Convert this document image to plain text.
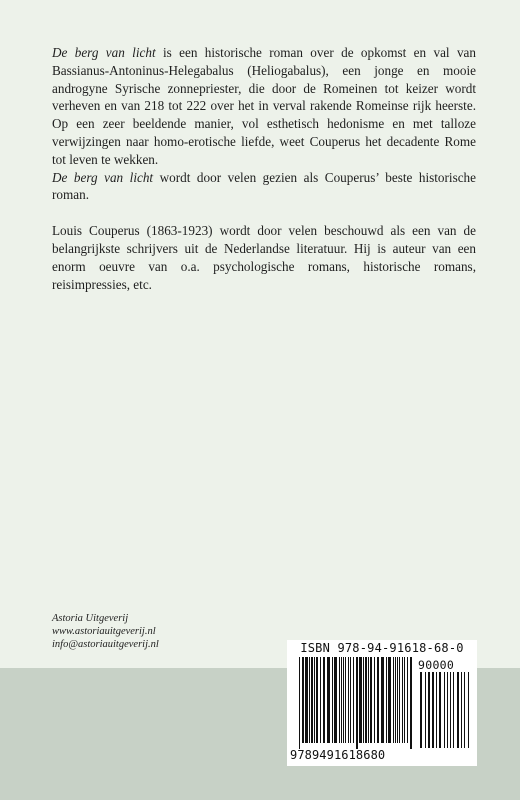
De berg van licht is een historische roman over de opkomst en val van Bassianus-Antoninus-Helegabalus (Heliogabalus), een jonge en mooie androgyne Syrische zonnepriester, die door de Romeinen tot keizer wordt verheven en van 218 tot 222 over het in verval rakende Romeinse rijk heerste. Op een zeer beeldende manier, vol esthetisch hedonisme en met talloze verwijzingen naar homo-erotische liefde, weet Couperus het decadente Rome tot leven te wekken.

De berg van licht wordt door velen gezien als Couperus’ beste historische roman.

Louis Couperus (1863-1923) wordt door velen beschouwd als een van de belangrijkste schrijvers uit de Nederlandse literatuur. Hij is auteur van een enorm oeuvre van o.a. psychologische romans, historische romans, reisimpressies, etc.

Astoria Uitgeverij
www.astoriauitgeverij.nl
info@astoriauitgeverij.nl	ISBN 978-94-91618-68-0
90000
9789491618680
